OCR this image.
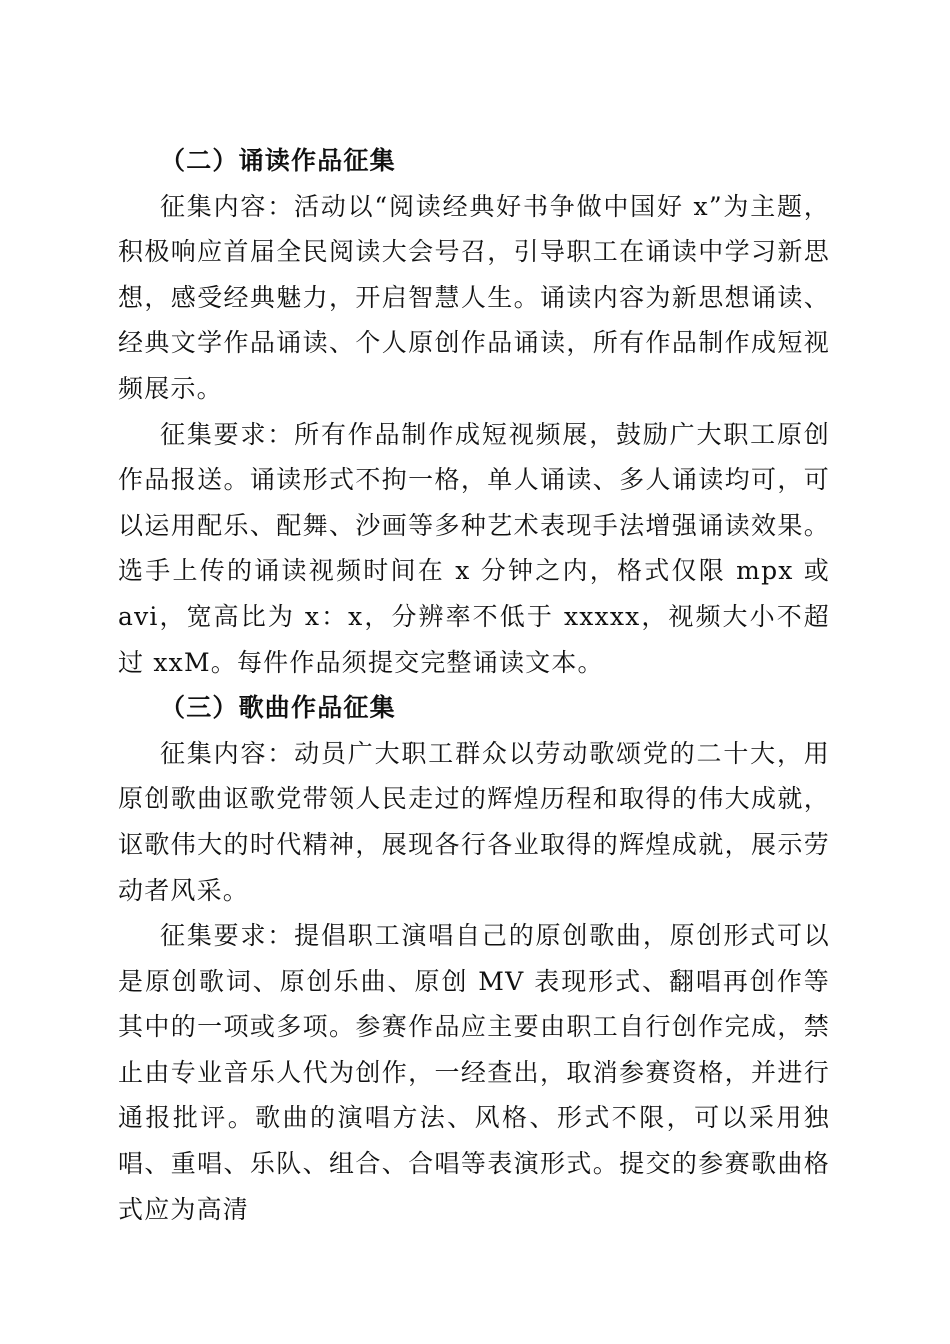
（二）诵读作品征集

征集内容：活动以“阅读经典好书争做中国好 x”为主题，积极响应首届全民阅读大会号召，引导职工在诵读中学习新思想，感受经典魅力，开启智慧人生。诵读内容为新思想诵读、经典文学作品诵读、个人原创作品诵读，所有作品制作成短视频展示。

征集要求：所有作品制作成短视频展，鼓励广大职工原创作品报送。诵读形式不拘一格，单人诵读、多人诵读均可，可以运用配乐、配舞、沙画等多种艺术表现手法增强诵读效果。选手上传的诵读视频时间在 x 分钟之内，格式仅限 mpx 或 avi，宽高比为 x：x，分辨率不低于 xxxxx，视频大小不超过 xxM。每件作品须提交完整诵读文本。

（三）歌曲作品征集

征集内容：动员广大职工群众以劳动歌颂党的二十大，用原创歌曲讴歌党带领人民走过的辉煌历程和取得的伟大成就，讴歌伟大的时代精神，展现各行各业取得的辉煌成就，展示劳动者风采。

征集要求：提倡职工演唱自己的原创歌曲，原创形式可以是原创歌词、原创乐曲、原创 MV 表现形式、翻唱再创作等其中的一项或多项。参赛作品应主要由职工自行创作完成，禁止由专业音乐人代为创作，一经查出，取消参赛资格，并进行通报批评。歌曲的演唱方法、风格、形式不限，可以采用独唱、重唱、乐队、组合、合唱等表演形式。提交的参赛歌曲格式应为高清
